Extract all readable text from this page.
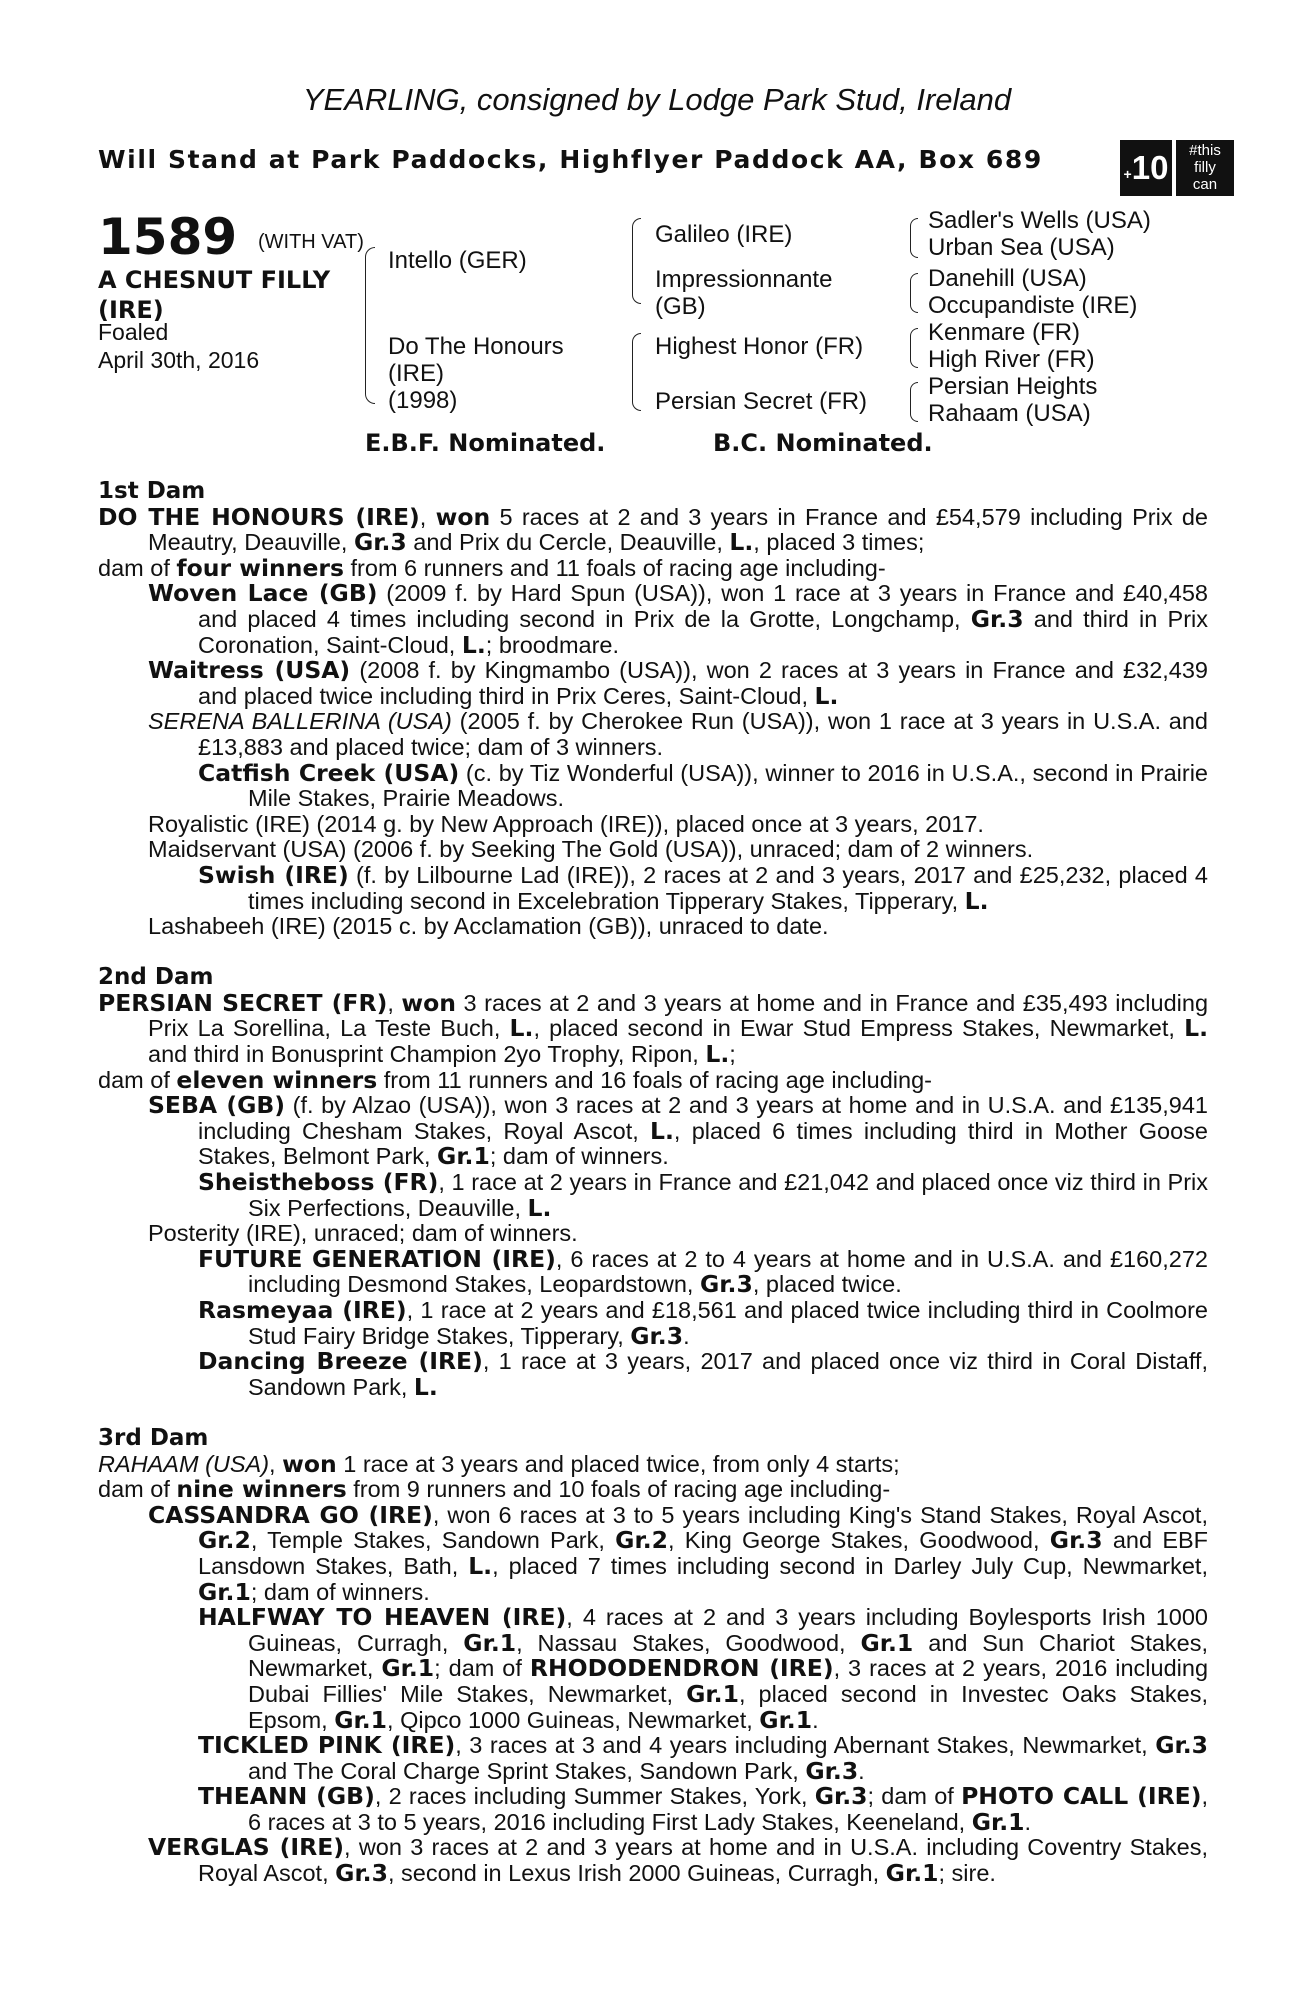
YEARLING, consigned by Lodge Park Stud, Ireland
Will Stand at Park Paddocks, Highflyer Paddock AA, Box 689	+10	#this
filly
can
1589 (WITH VAT)
A CHESNUT FILLY
(IRE)
Foaled
April 30th, 2016
Intello (GER)
Do The Honours
(IRE)
(1998)
Galileo (IRE)
Impressionnante
(GB)
Highest Honor (FR)
Persian Secret (FR)
Sadler's Wells (USA)
Urban Sea (USA)
Danehill (USA)
Occupandiste (IRE)
Kenmare (FR)
High River (FR)
Persian Heights
Rahaam (USA)
E.B.F. Nominated.	B.C. Nominated.

1st Dam

DO THE HONOURS (IRE), won 5 races at 2 and 3 years in France and £54,579 including Prix de Meautry, Deauville, Gr.3 and Prix du Cercle, Deauville, L., placed 3 times;

dam of four winners from 6 runners and 11 foals of racing age including-

Woven Lace (GB) (2009 f. by Hard Spun (USA)), won 1 race at 3 years in France and £40,458 and placed 4 times including second in Prix de la Grotte, Longchamp, Gr.3 and third in Prix Coronation, Saint-Cloud, L.; broodmare.

Waitress (USA) (2008 f. by Kingmambo (USA)), won 2 races at 3 years in France and £32,439 and placed twice including third in Prix Ceres, Saint-Cloud, L.

SERENA BALLERINA (USA) (2005 f. by Cherokee Run (USA)), won 1 race at 3 years in U.S.A. and £13,883 and placed twice; dam of 3 winners.

Catfish Creek (USA) (c. by Tiz Wonderful (USA)), winner to 2016 in U.S.A., second in Prairie Mile Stakes, Prairie Meadows.

Royalistic (IRE) (2014 g. by New Approach (IRE)), placed once at 3 years, 2017.

Maidservant (USA) (2006 f. by Seeking The Gold (USA)), unraced; dam of 2 winners.

Swish (IRE) (f. by Lilbourne Lad (IRE)), 2 races at 2 and 3 years, 2017 and £25,232, placed 4 times including second in Excelebration Tipperary Stakes, Tipperary, L.

Lashabeeh (IRE) (2015 c. by Acclamation (GB)), unraced to date.

2nd Dam

PERSIAN SECRET (FR), won 3 races at 2 and 3 years at home and in France and £35,493 including Prix La Sorellina, La Teste Buch, L., placed second in Ewar Stud Empress Stakes, Newmarket, L. and third in Bonusprint Champion 2yo Trophy, Ripon, L.;

dam of eleven winners from 11 runners and 16 foals of racing age including-

SEBA (GB) (f. by Alzao (USA)), won 3 races at 2 and 3 years at home and in U.S.A. and £135,941 including Chesham Stakes, Royal Ascot, L., placed 6 times including third in Mother Goose Stakes, Belmont Park, Gr.1; dam of winners.

Sheistheboss (FR), 1 race at 2 years in France and £21,042 and placed once viz third in Prix Six Perfections, Deauville, L.

Posterity (IRE), unraced; dam of winners.

FUTURE GENERATION (IRE), 6 races at 2 to 4 years at home and in U.S.A. and £160,272 including Desmond Stakes, Leopardstown, Gr.3, placed twice.

Rasmeyaa (IRE), 1 race at 2 years and £18,561 and placed twice including third in Coolmore Stud Fairy Bridge Stakes, Tipperary, Gr.3.

Dancing Breeze (IRE), 1 race at 3 years, 2017 and placed once viz third in Coral Distaff, Sandown Park, L.

3rd Dam

RAHAAM (USA), won 1 race at 3 years and placed twice, from only 4 starts;

dam of nine winners from 9 runners and 10 foals of racing age including-

CASSANDRA GO (IRE), won 6 races at 3 to 5 years including King's Stand Stakes, Royal Ascot, Gr.2, Temple Stakes, Sandown Park, Gr.2, King George Stakes, Goodwood, Gr.3 and EBF Lansdown Stakes, Bath, L., placed 7 times including second in Darley July Cup, Newmarket, Gr.1; dam of winners.

HALFWAY TO HEAVEN (IRE), 4 races at 2 and 3 years including Boylesports Irish 1000 Guineas, Curragh, Gr.1, Nassau Stakes, Goodwood, Gr.1 and Sun Chariot Stakes, Newmarket, Gr.1; dam of RHODODENDRON (IRE), 3 races at 2 years, 2016 including Dubai Fillies' Mile Stakes, Newmarket, Gr.1, placed second in Investec Oaks Stakes, Epsom, Gr.1, Qipco 1000 Guineas, Newmarket, Gr.1.

TICKLED PINK (IRE), 3 races at 3 and 4 years including Abernant Stakes, Newmarket, Gr.3 and The Coral Charge Sprint Stakes, Sandown Park, Gr.3.

THEANN (GB), 2 races including Summer Stakes, York, Gr.3; dam of PHOTO CALL (IRE), 6 races at 3 to 5 years, 2016 including First Lady Stakes, Keeneland, Gr.1.

VERGLAS (IRE), won 3 races at 2 and 3 years at home and in U.S.A. including Coventry Stakes, Royal Ascot, Gr.3, second in Lexus Irish 2000 Guineas, Curragh, Gr.1; sire.
